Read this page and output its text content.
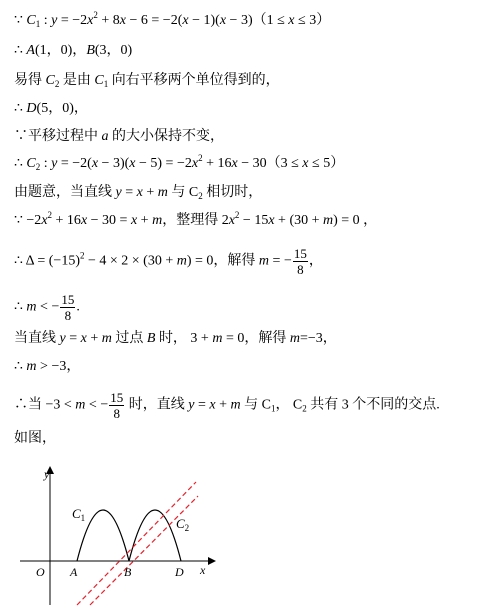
∵ $C_1$ : $y = -2x^2 + 8x - 6 = -2(x - 1)(x - 3)(1 \le x \le 3)$
∴ A(1，0)，B(3，0)
易得 $C_2$ 是由 $C_1$ 向右平移两个单位得到的，
∴ D(5，0)，
∵平移过程中 a 的大小保持不变，
∴ $C_2$ : $y = -2(x - 3)(x - 5) = -2x^2 + 16x - 30(3 \le x \le 5)$
由题意，当直线 y = x + m 与 $C_2$ 相切时，
∵ $-2x^2 + 16x - 30 = x + m$，整理得 $2x^2 - 15x + (30 + m) = 0$ ，
∴ $\Delta = (-15)^2 - 4 \times 2 \times (30 + m) = 0$，解得 m = − $\frac{15}{8}$ ，
∴ m < − $\frac{15}{8}$ .
当直线 y = x + m 过点 B 时， 3 + m = 0，解得 m=−3，
∴ m > −3，
∴当 −3 < m < − $\frac{15}{8}$ 时，直线 y = x + m 与 $C_1$， $C_2$ 共有 3 个不同的交点.
如图，
y
x
O A	B	D
$C_1$	$C_2$
